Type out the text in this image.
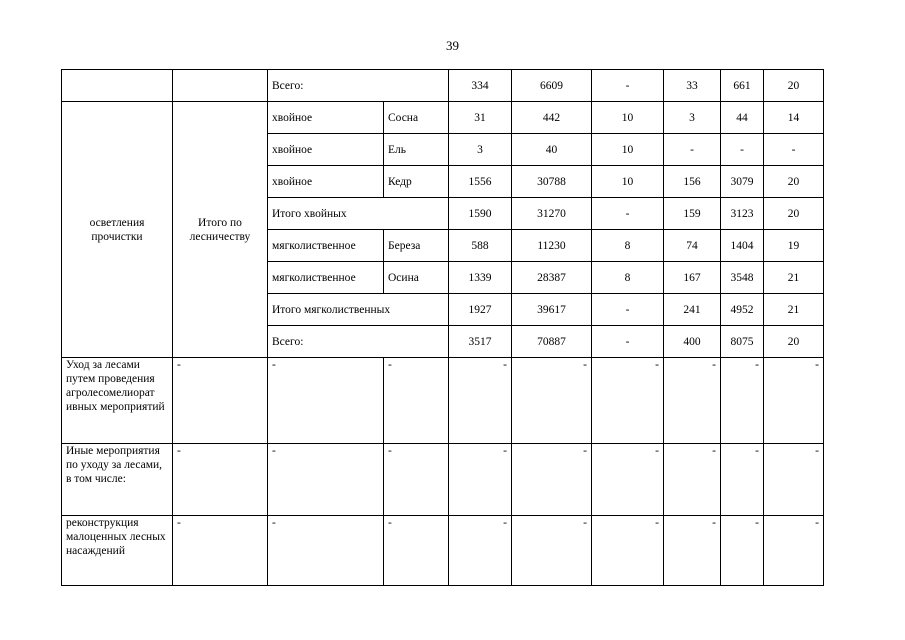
39
		Всего:		334	6609	-	33	661	20
осветления прочистки	Итого по лесничеству	хвойное	Сосна	31	442	10	3	44	14
		хвойное	Ель	3	40	10	-	-	-
		хвойное	Кедр	1556	30788	10	156	3079	20
		Итого хвойных		1590	31270	-	159	3123	20
		мягколиственное	Береза	588	11230	8	74	1404	19
		мягколиственное	Осина	1339	28387	8	167	3548	21
		Итого мягколиственных		1927	39617	-	241	4952	21
		Всего:		3517	70887	-	400	8075	20
Уход за лесами путем проведения агролесомелиорат ивных мероприятий	-	-	-	-	-	-	-	-	-
Иные мероприятия по уходу за лесами, в том числе:	-	-	-	-	-	-	-	-	-
реконструкция малоценных лесных насаждений	-	-	-	-	-	-	-	-	-
